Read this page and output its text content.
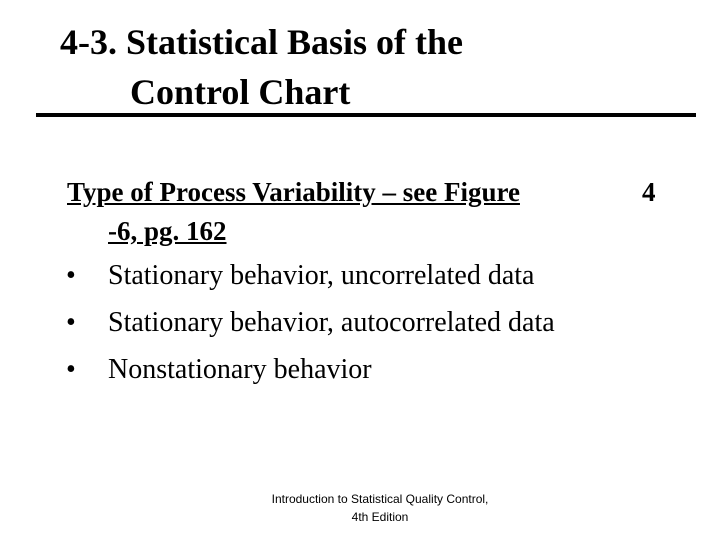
4-3. Statistical Basis of the
Control Chart
Type of Process Variability – see Figure	4
-6, pg. 162
• Stationary behavior, uncorrelated data
• Stationary behavior, autocorrelated data
• Nonstationary behavior
Introduction to Statistical Quality Control,
4th Edition
